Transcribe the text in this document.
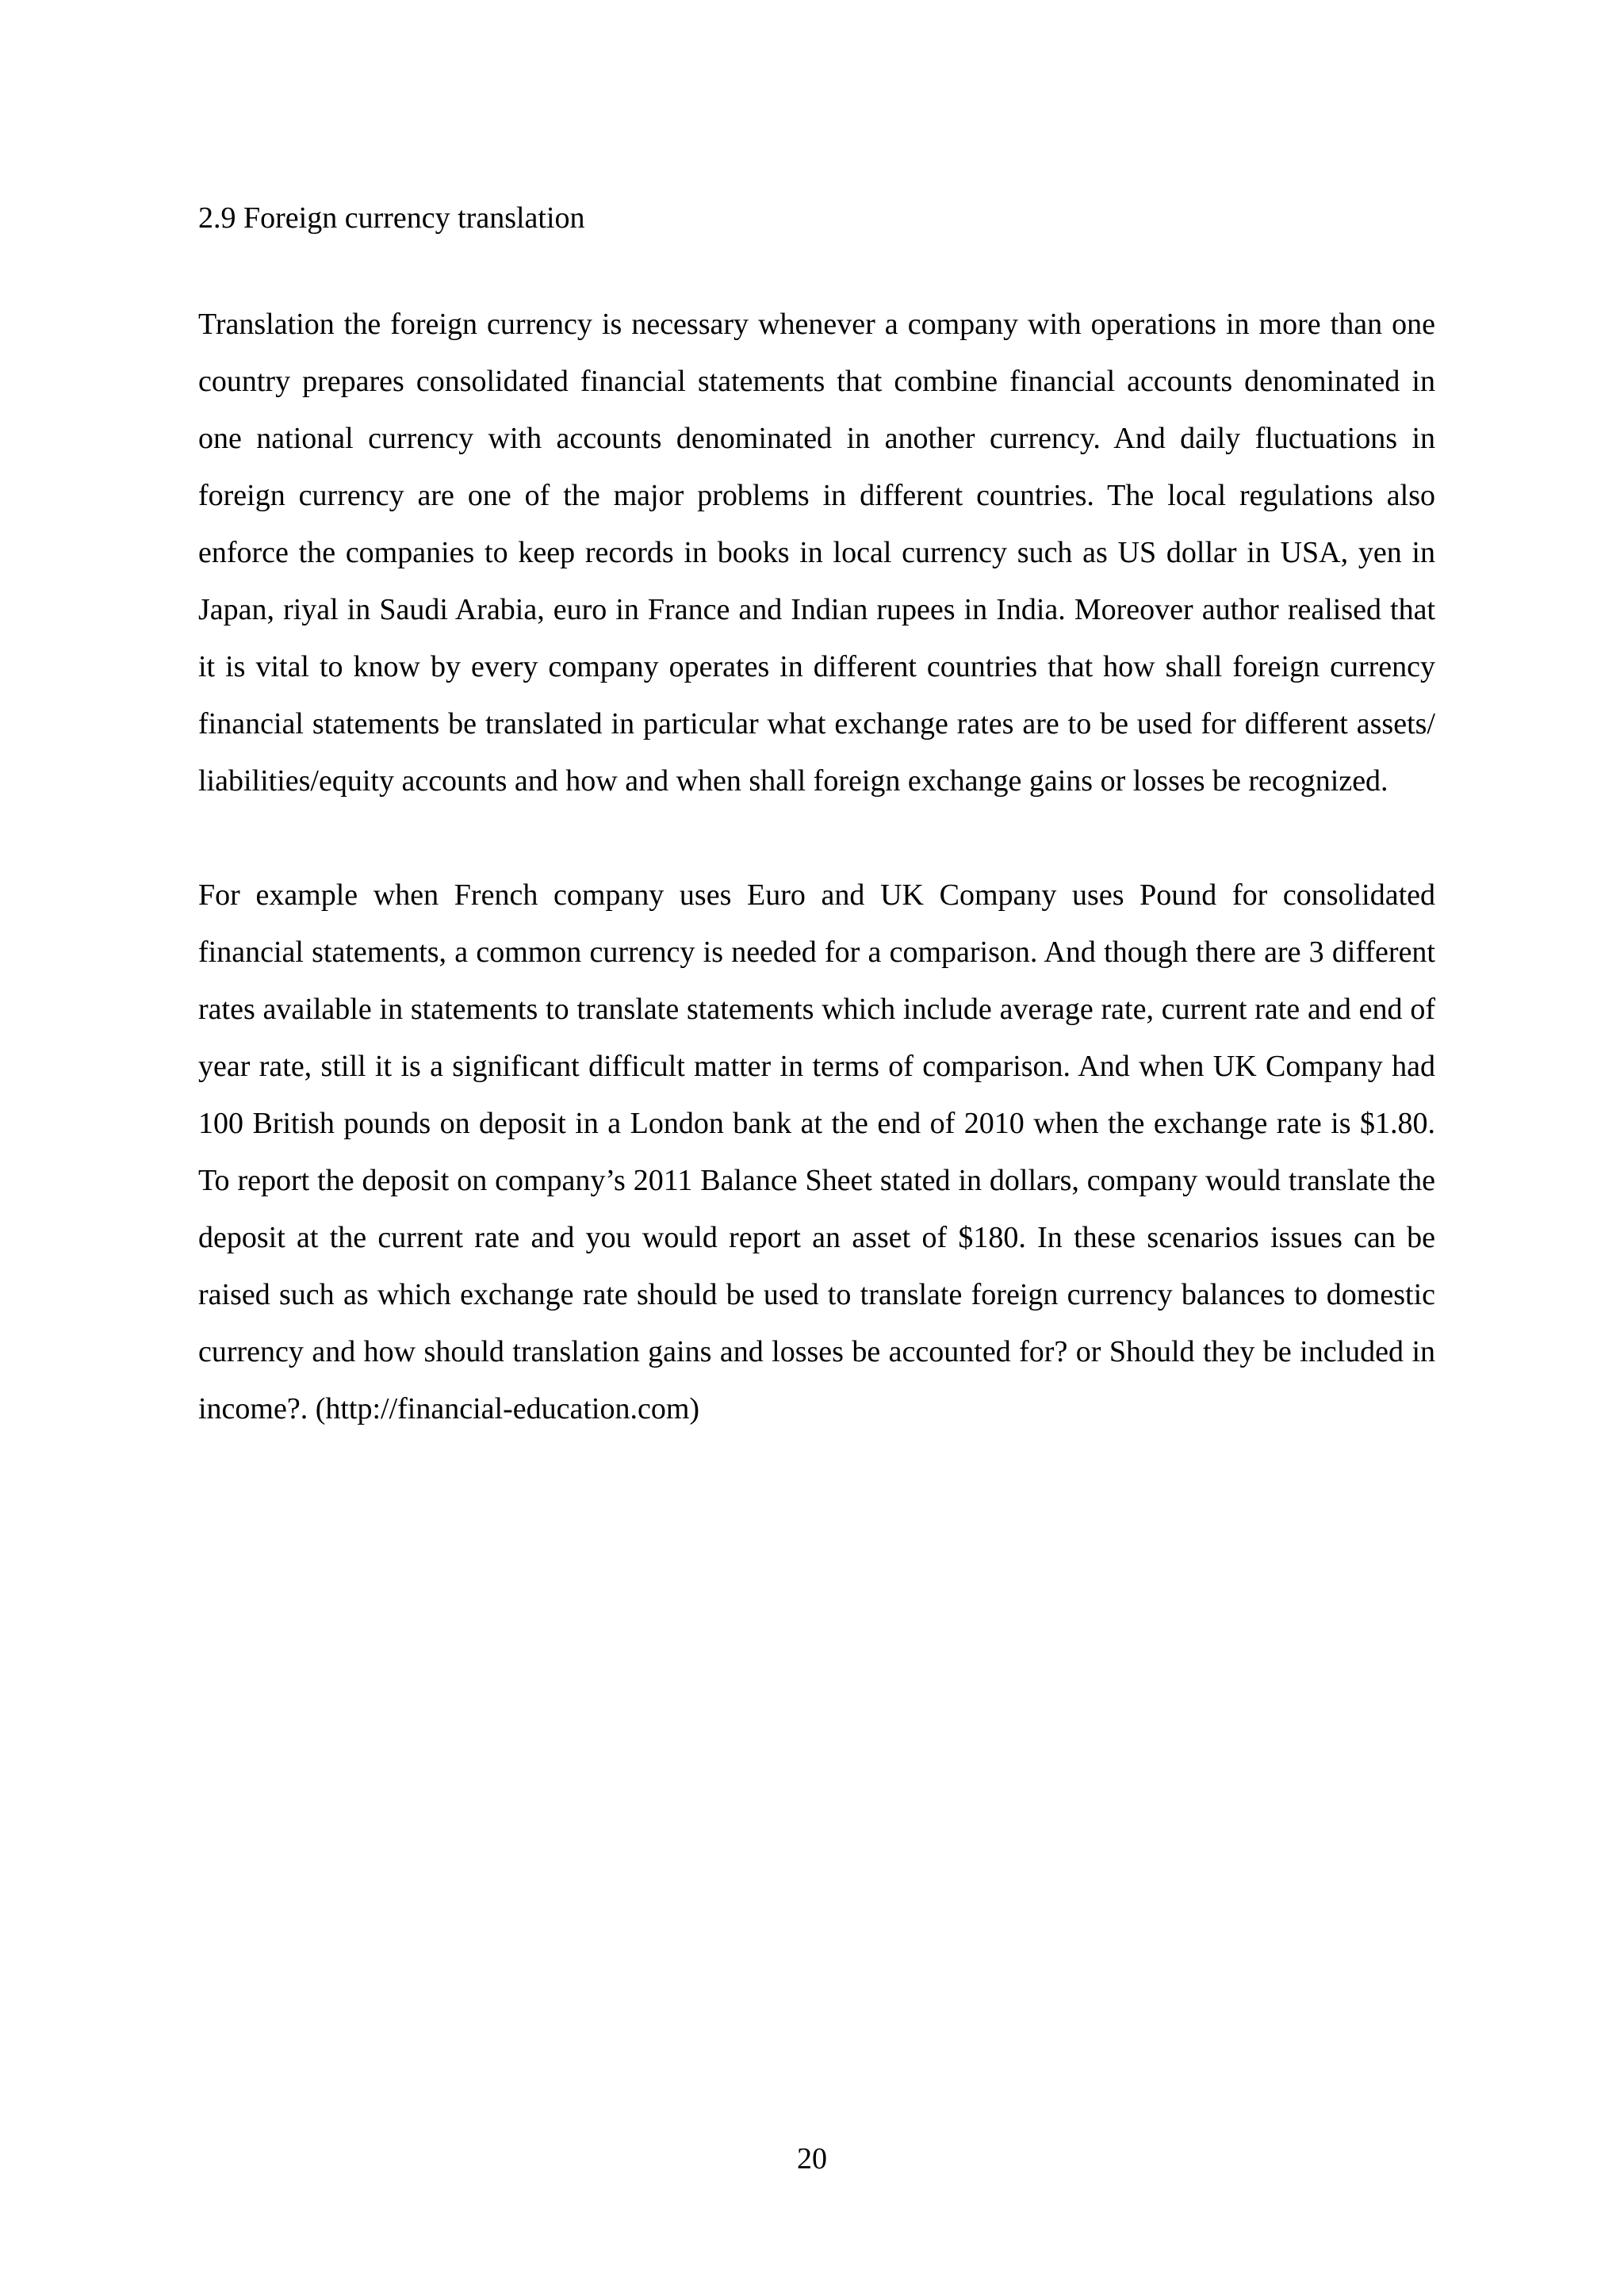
2.9 Foreign currency translation

Translation the foreign currency is necessary whenever a company with operations in more than one country prepares consolidated financial statements that combine financial accounts denominated in one national currency with accounts denominated in another currency. And daily fluctuations in foreign currency are one of the major problems in different countries. The local regulations also enforce the companies to keep records in books in local currency such as US dollar in USA, yen in Japan, riyal in Saudi Arabia, euro in France and Indian rupees in India. Moreover author realised that it is vital to know by every company operates in different countries that how shall foreign currency financial statements be translated in particular what exchange rates are to be used for different assets/ liabilities/equity accounts and how and when shall foreign exchange gains or losses be recognized.

For example when French company uses Euro and UK Company uses Pound for consolidated financial statements, a common currency is needed for a comparison. And though there are 3 different rates available in statements to translate statements which include average rate, current rate and end of year rate, still it is a significant difficult matter in terms of comparison. And when UK Company had 100 British pounds on deposit in a London bank at the end of 2010 when the exchange rate is $1.80. To report the deposit on company’s 2011 Balance Sheet stated in dollars, company would translate the deposit at the current rate and you would report an asset of $180. In these scenarios issues can be raised such as which exchange rate should be used to translate foreign currency balances to domestic currency and how should translation gains and losses be accounted for? or Should they be included in income?. (http://financial-education.com)

20
